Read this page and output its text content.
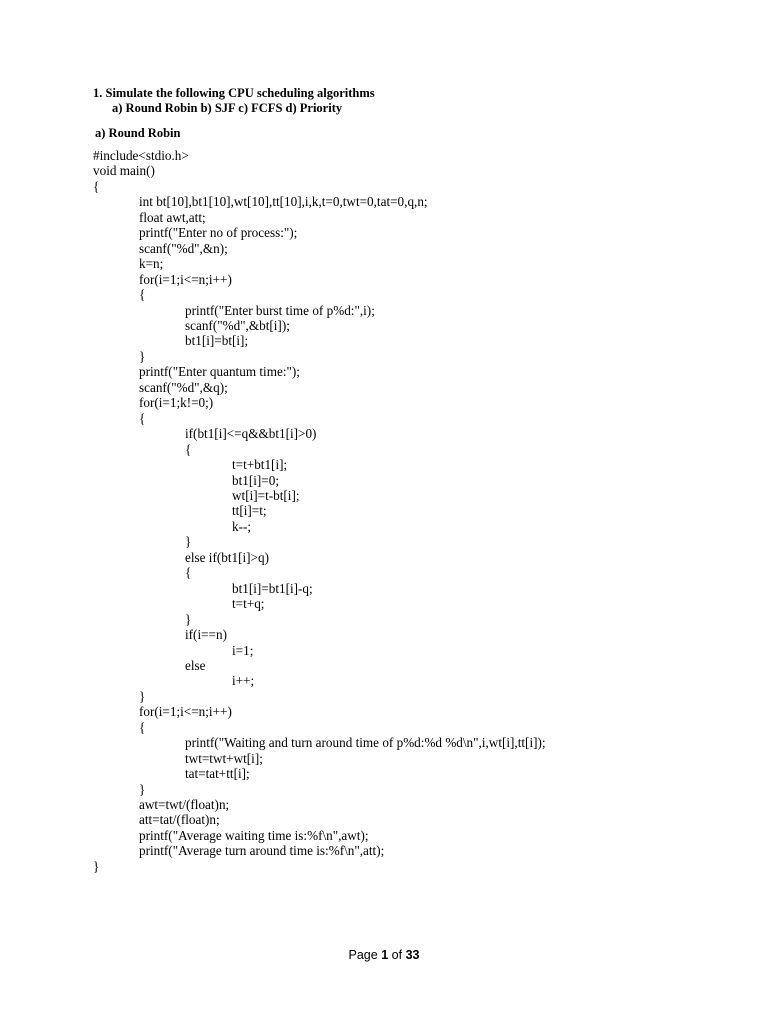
1. Simulate the following CPU scheduling algorithms
a) Round Robin b) SJF c) FCFS d) Priority
a) Round Robin
#include<stdio.h>
void main()
{
int bt[10],bt1[10],wt[10],tt[10],i,k,t=0,twt=0,tat=0,q,n;
float awt,att;
printf("Enter no of process:");
scanf("%d",&n);
k=n;
for(i=1;i<=n;i++)
{
printf("Enter burst time of p%d:",i);
scanf("%d",&bt[i]);
bt1[i]=bt[i];
}
printf("Enter quantum time:");
scanf("%d",&q);
for(i=1;k!=0;)
{
if(bt1[i]<=q&&bt1[i]>0)
{
t=t+bt1[i];
bt1[i]=0;
wt[i]=t-bt[i];
tt[i]=t;
k--;
}
else if(bt1[i]>q)
{
bt1[i]=bt1[i]-q;
t=t+q;
}
if(i==n)
i=1;
else
i++;
}
for(i=1;i<=n;i++)
{
printf("Waiting and turn around time of p%d:%d %d\n",i,wt[i],tt[i]);
twt=twt+wt[i];
tat=tat+tt[i];
}
awt=twt/(float)n;
att=tat/(float)n;
printf("Average waiting time is:%f\n",awt);
printf("Average turn around time is:%f\n",att);
}
Page 1 of 33
